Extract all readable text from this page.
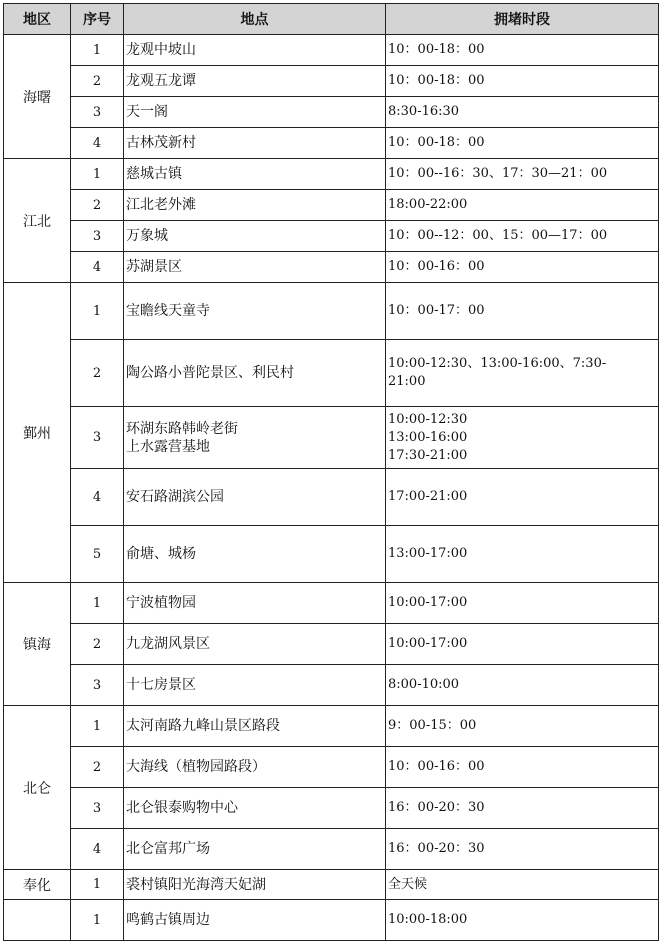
地区	序号	地点	拥堵时段
海曙	1	龙观中坡山	10：00-18：00

	2	龙观五龙谭	10：00-18：00

	3	天一阁	8:30-16:30

	4	古林茂新村	10：00-18：00

江北	1	慈城古镇	10：00--16：30、17：30—21：00

	2	江北老外滩	18:00-22:00

	3	万象城	10：00--12：00、15：00—17：00

	4	苏湖景区	10：00-16：00

鄞州	1	宝瞻线天童寺	10：00-17：00

	2	陶公路小普陀景区、利民村	10:00-12:30、13:00-16:00、7:30-
21:00

	3	环湖东路韩岭老街
上水露营基地	10:00-12:30
13:00-16:00
17:30-21:00

	4	安石路湖滨公园	17:00-21:00

	5	俞塘、城杨	13:00-17:00

镇海	1	宁波植物园	10:00-17:00

	2	九龙湖风景区	10:00-17:00

	3	十七房景区	8:00-10:00

北仑	1	太河南路九峰山景区路段	9：00-15：00

	2	大海线（植物园路段）	10：00-16：00

	3	北仑银泰购物中心	16：00-20：30

	4	北仑富邦广场	16：00-20：30

奉化	1	裘村镇阳光海湾天妃湖	全天候

	1	鸣鹤古镇周边	10:00-18:00
